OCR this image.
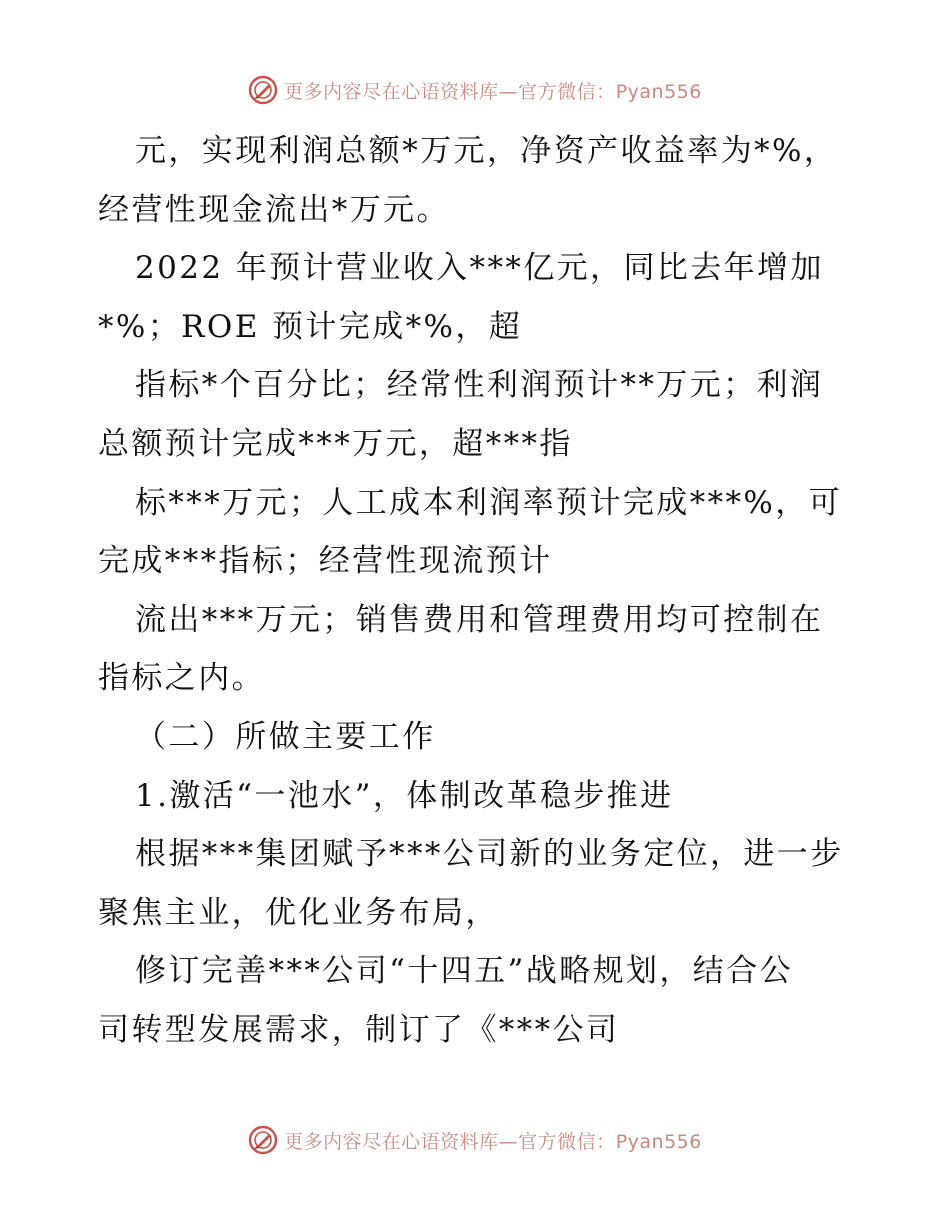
更多内容尽在心语资料库—官方微信：Pyan556
元，实现利润总额*万元，净资产收益率为*%，
经营性现金流出*万元。
2022 年预计营业收入***亿元，同比去年增加
*%；ROE 预计完成*%，超
指标*个百分比；经常性利润预计**万元；利润
总额预计完成***万元，超***指
标***万元；人工成本利润率预计完成***%，可
完成***指标；经营性现流预计
流出***万元；销售费用和管理费用均可控制在
指标之内。
（二）所做主要工作
1.激活“一池水”，体制改革稳步推进
根据***集团赋予***公司新的业务定位，进一步
聚焦主业，优化业务布局，
修订完善***公司“十四五”战略规划，结合公
司转型发展需求，制订了《***公司
更多内容尽在心语资料库—官方微信：Pyan556
